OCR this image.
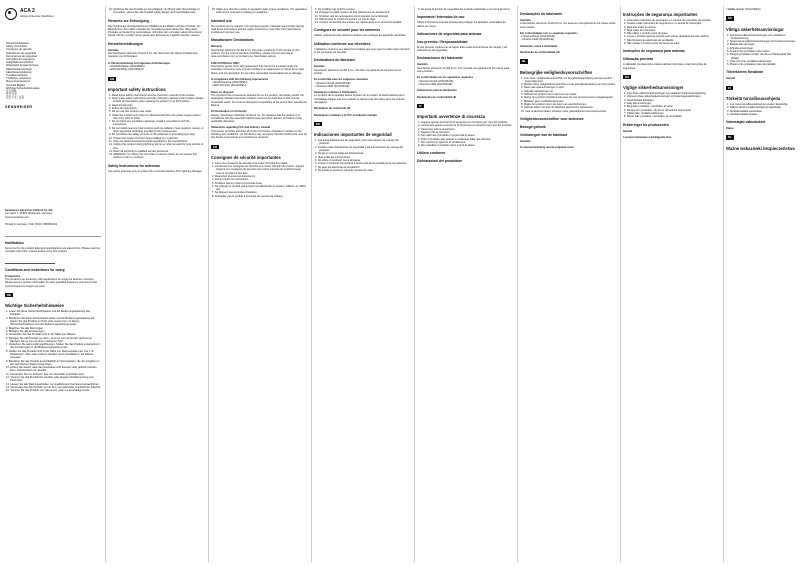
ACA 2
Active Antenna Combiner
Sicherheitshinweise
Safety Instructions
Consignes de sécurité
Indicaciones de seguridad
Instrucciones de seguridad
Instruções de segurança
Veiligheidsvoorschriften
Wskazówki bezpieczeństwa
Sikkerhedsanvisninger
Säkerhetsinstruktioner
Turvallisuusohjeita
Υποδείξεις ασφαλείας
Меры безопасности
Güvenlik Bilgileri
Wichtige Sicherheitshinweise
安全说明
안전 지침
安全上のご注意
SENNHEISER
Sennheiser electronic GmbH & Co. KG
Am Labor 1, 30900 Wedemark, Germany
www.sennheiser.com
Printed in Germany, Publ. 05/16, 565660/A01
Notification
Some text for the product label and specifications are placed here. Please read the complete instruction manual before using this product.
Conditions and restrictions for using
Frequencies
The product is an accessory with applications for using the devices in Europe. Please see the product information for each specified frequency and ensure that correct frequency ranges are used.
DE
Wichtige Sicherheitshinweise
1. Lesen Sie diese Sicherheitshinweise und die Bedienungsanleitung des Produkts.
2. Bewahren Sie diese Sicherheitshinweise und die Bedienungsanleitung auf. Geben Sie das Produkt an Dritte stets zusammen mit diesen Sicherheitshinweisen und der Bedienungsanleitung weiter.
3. Beachten Sie alle Warnungen.
4. Befolgen Sie alle Anweisungen.
5. Verwenden Sie das Produkt nicht in der Nähe von Wasser.
6. Reinigen Sie das Produkt nur dann, wenn es vom Stromnetz getrennt ist. Reinigen Sie es nur mit einem trockenen Tuch.
7. Verdecken Sie keine Lüftungsöffnungen. Stellen Sie das Produkt entsprechend den Anweisungen in der Bedienungsanleitung auf.
8. Stellen Sie das Produkt nicht in der Nähe von Wärmequellen auf, wie z. B. Heizkörpern, Öfen oder anderen Geräten (auch Verstärkern), die Wärme erzeugen.
9. Betreiben Sie das Produkt ausschließlich an Stromquellen, die den Angaben in den technischen Daten entsprechen.
10. Achten Sie darauf, dass das Netzkabel nicht betreten oder geknickt werden kann, insbesondere am Stecker.
11. Verwenden Sie nur Zubehör, das vom Hersteller empfohlen wird.
12. Trennen Sie das Produkt bei Gewitter oder längerer Nichtbenutzung vom Stromnetz.
13. Lassen Sie alle Wartungsarbeiten von qualifiziertem Fachpersonal ausführen.
14. Verwenden Sie das Produkt nur mit dem vom Hersteller empfohlenen Zubehör.
15. Trennen Sie das Produkt vom Stromnetz, wenn es beschädigt wurde.
16. Schützen Sie das Produkt vor Feuchtigkeit. Um Brand oder Stromschlag zu vermeiden, setzen Sie das Produkt weder Regen noch Feuchtigkeit aus.
Hinweise zur Entsorgung
Das Symbol der durchgestrichenen Abfalltonne auf Rädern auf dem Produkt, der Batterie bzw. dem Akku und/oder der Verpackung weist darauf hin, dass diese Produkte am Ende ihrer Lebensdauer nicht über den normalen Hausmüll entsorgt werden dürfen, sondern einer getrennten Entsorgung zugeführt werden müssen.
Herstellererklärungen
Garantie
Die Sennheiser electronic GmbH & Co. KG übernimmt für dieses Produkt eine Garantie von 24 Monaten.
In Übereinstimmung mit folgenden Anforderungen
• RoHS-Richtlinie (2011/65/EU)
• EMV-Richtlinie (2014/30/EU)
EN
Important safety instructions
1. Read these safety instructions and the instruction manual of the product.
2. Keep these safety instructions and the instruction manual of the product. Always include all instructions when passing the product on to third parties.
3. Heed all warnings.
4. Follow all instructions.
5. Do not use this product near water.
6. Clean the product only when it is disconnected from the power supply system. Use a dry cloth to clean.
7. Do not block any ventilation openings. Install in accordance with the instructions.
8. Do not install near any heat sources such as radiators, heat registers, stoves, or other apparatus (including amplifiers) that produce heat.
9. Do not defeat the safety purpose of the polarized or grounding-type plug.
10. Protect the power cord from being walked on or pinched.
11. Only use attachments/accessories specified by the manufacturer.
12. Unplug this product during lightning storms or when unused for long periods of time.
13. Refer all servicing to qualified service personnel.
14. WARNING: To reduce the risk of fire or electric shock, do not expose this product to rain or moisture.
Safety instructions for antennas
Use active antennas only to protect the connected devices from lightning damage.
15. Make sure that the product is operated under proper conditions. The apparatus shall not be exposed to dripping or splashing.
Intended use
The product can be used for commercial purposes. Intended use includes having read these instructions and the safety instructions. Use other than described is considered improper use.
Manufacturer Declarations
Warranty
Sennheiser electronic GmbH & Co. KG gives a warranty of 24 months on this product. For the current warranty conditions, please visit our web site at www.sennheiser.com or contact your Sennheiser partner.
FOR AUSTRALIA ONLY
Sennheiser goods come with guarantees that cannot be excluded under the Australian Consumer Law. You are entitled to a replacement or refund for a major failure and compensation for any other reasonably foreseeable loss or damage.
In compliance with the following requirements
• RoHS Directive (2011/65/EU)
• EMC Directive (2014/30/EU)
Notes on disposal
The symbol of the crossed-out wheeled bin on the product, the battery and/or the packaging indicates that these products must not be disposed of with normal household waste, but must be disposed of separately at the end of their operational lifetime.
EU Declaration of conformity
Hereby, Sennheiser electronic GmbH & Co. KG declares that the product is in compliance with the essential requirements and other relevant provisions of the applicable directives.
Statements regarding FCC and Industry Canada
This device complies with Part 15 of the FCC Rules. Operation is subject to the following two conditions: (1) this device may not cause harmful interference, and (2) this device must accept any interference received.
FR
Consignes de sécurité importantes
1. Lisez ces consignes de sécurité et la notice d'emploi du produit.
2. Conservez ces consignes de sécurité et la notice d'emploi du produit. Joignez toujours ces consignes de sécurité et la notice d'emploi du produit lorsque vous le remettez à des tiers.
3. Respectez tous les avertissements.
4. Suivez toutes les instructions.
5. N'utilisez pas le produit à proximité d'eau.
6. Ne nettoyez le produit que lorsqu'il est débranché du secteur. Utilisez un chiffon sec.
7. Ne bloquez pas les fentes d'aération.
8. N'installez pas le produit à proximité de sources de chaleur.
9. Ne modifiez pas la fiche secteur.
10. Protégez le câble secteur de tout piétinement ou écrasement.
11. N'utilisez que les accessoires recommandés par le fabricant.
12. Débranchez le produit du secteur en cas d'orage.
13. Confiez l'ensemble des travaux de maintenance à un personnel qualifié.
Consignes de sécurité pour les antennes
Utilisez uniquement des antennes actives pour protéger les appareils raccordés.
Utilisation conforme aux directives
L'utilisation conforme aux directives implique que vous ayez lu cette notice d'emploi et les consignes de sécurité.
Déclarations du fabricant
Garantie
Sennheiser electronic GmbH & Co. KG offre une garantie de 24 mois sur ce produit.
En conformité avec les exigences suivantes
• Directive RoHS (2011/65/UE)
• Directive CEM (2014/30/UE)
Indications relatives à l'élimination
Le symbole de la poubelle barrée figurant sur le produit, la pile/la batterie et/ou l'emballage indique que ces produits ne doivent pas être jetés avec les ordures ménagères.
Déclaration de conformité UE
Déclarations relatives à la FCC et Industrie Canada
ES
Indicaciones importantes de seguridad
1. Lea estas indicaciones de seguridad y las instrucciones de manejo del producto.
2. Guarde estas indicaciones de seguridad y las instrucciones de manejo del producto.
3. Tenga en cuenta todas las advertencias.
4. Siga todas las instrucciones.
5. No utilice el producto cerca del agua.
6. Limpie el producto únicamente cuando esté desconectado de la red eléctrica.
7. No tape las aberturas de ventilación.
8. No instale el producto cerca de fuentes de calor.
9. No anule la función de seguridad del enchufe polarizado o con toma de tierra.
Importante! Intervalos de uso
Utilice únicamente antenas activas para proteger los aparatos conectados de daños por rayos.
Indicaciones de seguridad para antenas
Uso previsto / Responsabilidad
El uso previsto implica que se hayan leído estas instrucciones de manejo y las indicaciones de seguridad.
Declaraciones del fabricante
Garantía
Sennheiser electronic GmbH & Co. KG concede una garantía de 24 meses para este producto.
En conformidad con los siguientes requisitos
• Directiva RoHS (2011/65/UE)
• Directiva CEM (2014/30/UE)
Indicaciones para la eliminación
Declaración de conformidad UE
IT
Importanti avvertenze di sicurezza
1. Leggere queste avvertenze di sicurezza e le istruzioni per l'uso del prodotto.
2. Conservare queste avvertenze di sicurezza e le istruzioni per l'uso del prodotto.
3. Osservare tutte le avvertenze.
4. Seguire tutte le istruzioni.
5. Non utilizzare il prodotto in prossimità di acqua.
6. Pulire il prodotto solo quando è scollegato dalla rete elettrica.
7. Non ostruire le aperture di ventilazione.
8. Non installare il prodotto vicino a fonti di calore.
Utilizzo conforme
Dichiarazioni del produttore
Declarações do fabricante
Garantia
A Sennheiser electronic GmbH & Co. KG assume uma garantia de 24 meses sobre este produto.
Em conformidade com os seguintes requisitos
• Diretiva RoHS (2011/65/UE)
• Diretiva CEM (2014/30/UE)
Indicações sobre a eliminação
Declaração de conformidade UE
NL
Belangrijke veiligheidsvoorschriften
1. Lees deze veiligheidsvoorschriften en de gebruiksaanwijzing van het product zorgvuldig door.
2. Bewaar deze veiligheidsvoorschriften en de gebruiksaanwijzing van het product.
3. Neem alle waarschuwingen in acht.
4. Volg alle aanwijzingen op.
5. Gebruik het product niet in de buurt van water.
6. Reinig het product uitsluitend wanneer het van het stroomnet is losgekoppeld.
7. Blokkeer geen ventilatieopeningen.
8. Plaats het product niet in de buurt van warmtebronnen.
9. Gebruik alleen het door de fabrikant aanbevolen toebehoren.
10. Laat onderhoud alleen uitvoeren door gekwalificeerd servicepersoneel.
Veiligheidsvoorschriften voor antennes
Beoogd gebruik
Verklaringen van de fabrikant
Garantie
In overeenstemming met de volgende eisen
Instruções de segurança importantes
1. Leia estas instruções de segurança e o manual de instruções do produto.
2. Guarde estas instruções de segurança e o manual de instruções.
3. Respeite todos os avisos.
4. Siga todas as instruções.
5. Não utilize o produto perto de água.
6. Limpe o produto apenas quando este estiver desligado da rede elétrica.
7. Não bloqueie as aberturas de ventilação.
8. Não instale o produto perto de fontes de calor.
Instruções de segurança para antenas
Utilização prevista
A utilização prevista inclui a leitura destas instruções e das instruções de segurança.
DA
Vigtige sikkerhedsanvisninger
1. Læs disse sikkerhedsanvisninger og produktets betjeningsvejledning.
2. Opbevar disse sikkerhedsanvisninger og betjeningsvejledningen.
3. Overhold alle advarsler.
4. Følg alle anvisninger.
5. Brug ikke produktet i nærheden af vand.
6. Rengør kun produktet, når det er afbrudt fra strømnettet.
7. Tildæk ikke ventilationsåbninger.
8. Placer ikke produktet i nærheden af varmekilder.
Erklæringer fra producenten
Garanti
I overensstemmelse med følgende krav
• WEEE-direktiv (2012/19/EU)
SV
Viktiga säkerhetsanvisningar
1. Läs dessa säkerhetsanvisningar och produktens bruksanvisning.
2. Spara dessa säkerhetsanvisningar och bruksanvisningen.
3. Beakta alla varningar.
4. Följ alla anvisningar.
5. Använd inte produkten nära vatten.
6. Rengör produkten endast när den är frånkopplad från elnätet.
7. Täck inte över ventilationsöppningar.
8. Placera inte produkten nära värmekällor.
Tillverkarens försäkran
Garanti
FI
Tärkeitä turvallisuusohjeita
1. Lue nämä turvallisuusohjeet ja tuotteen käyttöohje.
2. Säilytä nämä turvallisuusohjeet ja käyttöohje.
3. Noudata kaikkia varoituksia.
4. Noudata kaikkia ohjeita.
Valmistajan vakuutukset
Takuu
PL
Ważne wskazówki bezpieczeństwa
